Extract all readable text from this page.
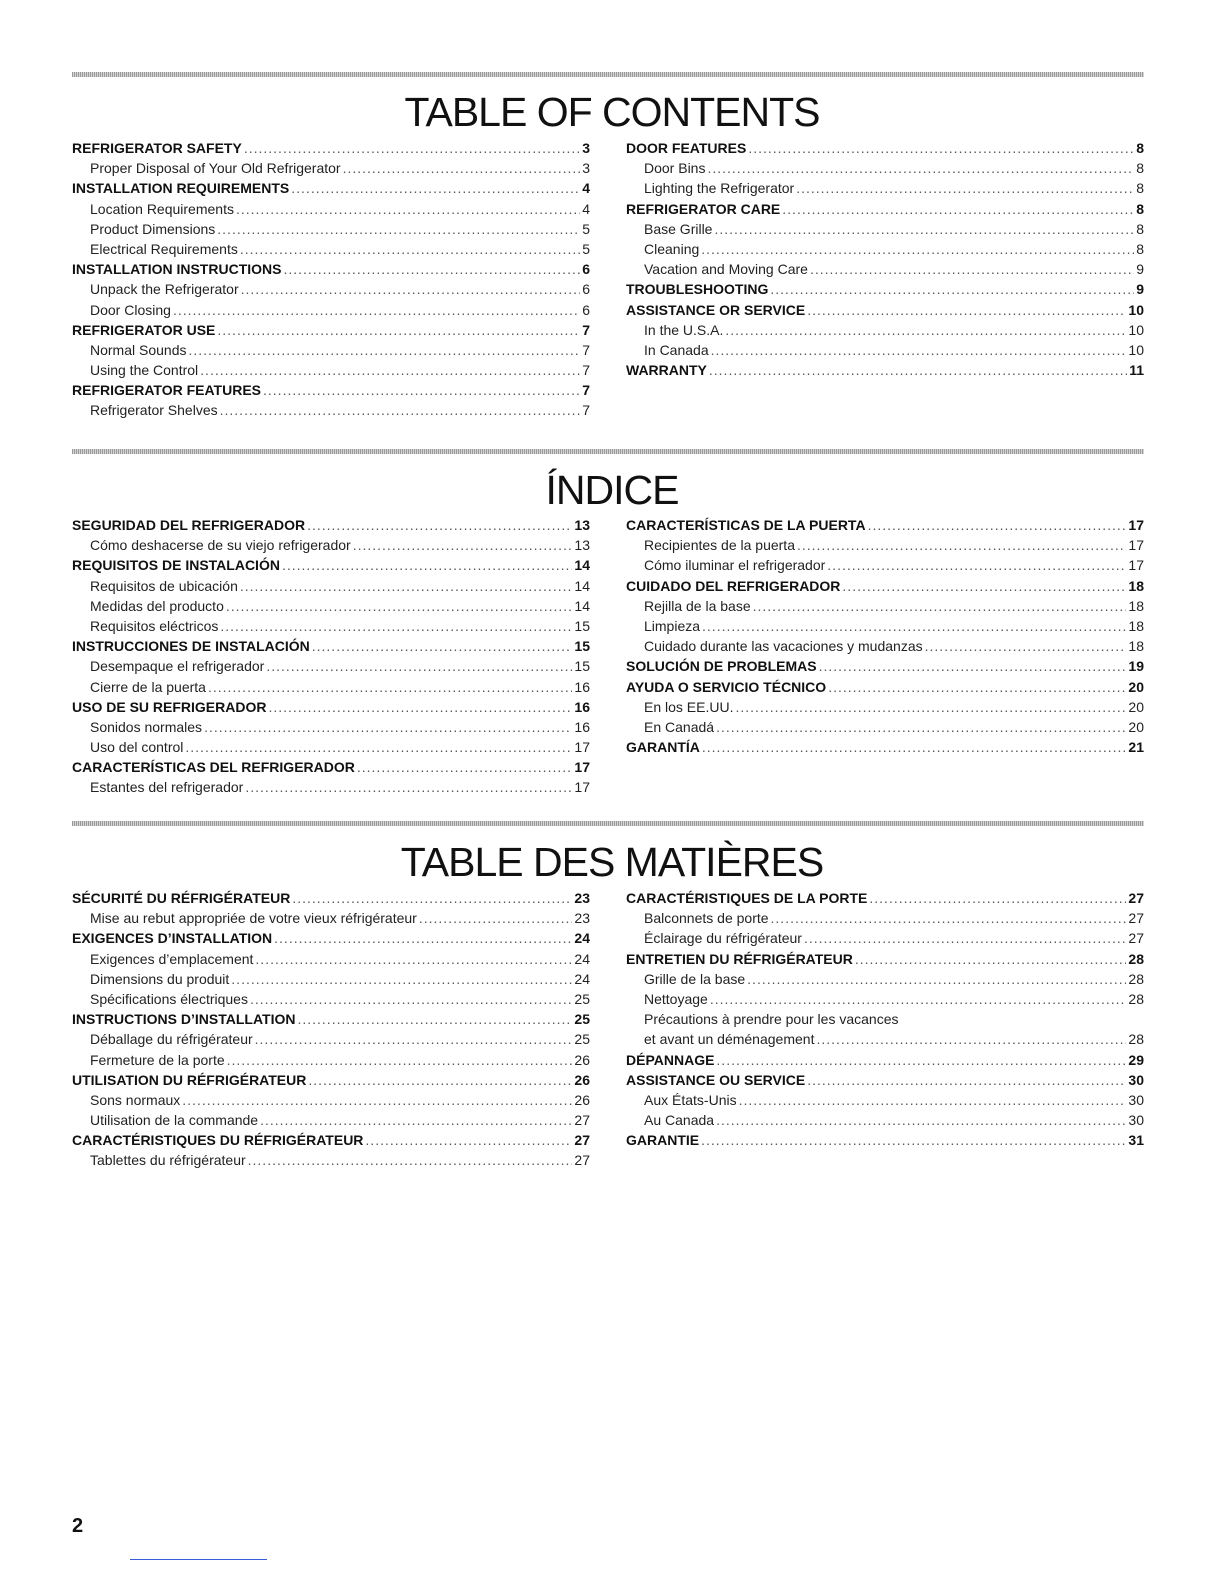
TABLE OF CONTENTS
REFRIGERATOR SAFETY .....	3
Proper Disposal of Your Old Refrigerator .....	3
INSTALLATION REQUIREMENTS .....	4
Location Requirements .....	4
Product Dimensions .....	5
Electrical Requirements .....	5
INSTALLATION INSTRUCTIONS .....	6
Unpack the Refrigerator .....	6
Door Closing .....	6
REFRIGERATOR USE .....	7
Normal Sounds .....	7
Using the Control .....	7
REFRIGERATOR FEATURES .....	7
Refrigerator Shelves .....	7
DOOR FEATURES .....	8
Door Bins .....	8
Lighting the Refrigerator .....	8
REFRIGERATOR CARE .....	8
Base Grille .....	8
Cleaning .....	8
Vacation and Moving Care .....	9
TROUBLESHOOTING .....	9
ASSISTANCE OR SERVICE .....	10
In the U.S.A. .....	10
In Canada .....	10
WARRANTY .....	11
ÍNDICE
SEGURIDAD DEL REFRIGERADOR .....	13
Cómo deshacerse de su viejo refrigerador .....	13
REQUISITOS DE INSTALACIÓN .....	14
Requisitos de ubicación .....	14
Medidas del producto .....	14
Requisitos eléctricos .....	15
INSTRUCCIONES DE INSTALACIÓN .....	15
Desempaque el refrigerador .....	15
Cierre de la puerta .....	16
USO DE SU REFRIGERADOR .....	16
Sonidos normales .....	16
Uso del control .....	17
CARACTERÍSTICAS DEL REFRIGERADOR .....	17
Estantes del refrigerador .....	17
CARACTERÍSTICAS DE LA PUERTA .....	17
Recipientes de la puerta .....	17
Cómo iluminar el refrigerador .....	17
CUIDADO DEL REFRIGERADOR .....	18
Rejilla de la base .....	18
Limpieza .....	18
Cuidado durante las vacaciones y mudanzas .....	18
SOLUCIÓN DE PROBLEMAS .....	19
AYUDA O SERVICIO TÉCNICO .....	20
En los EE.UU. .....	20
En Canadá .....	20
GARANTÍA .....	21
TABLE DES MATIÈRES
SÉCURITÉ DU RÉFRIGÉRATEUR .....	23
Mise au rebut appropriée de votre vieux réfrigérateur .....	23
EXIGENCES D’INSTALLATION .....	24
Exigences d’emplacement .....	24
Dimensions du produit .....	24
Spécifications électriques .....	25
INSTRUCTIONS D’INSTALLATION .....	25
Déballage du réfrigérateur .....	25
Fermeture de la porte .....	26
UTILISATION DU RÉFRIGÉRATEUR .....	26
Sons normaux .....	26
Utilisation de la commande .....	27
CARACTÉRISTIQUES DU RÉFRIGÉRATEUR .....	27
Tablettes du réfrigérateur .....	27
CARACTÉRISTIQUES DE LA PORTE .....	27
Balconnets de porte .....	27
Éclairage du réfrigérateur .....	27
ENTRETIEN DU RÉFRIGÉRATEUR .....	28
Grille de la base .....	28
Nettoyage .....	28
Précautions à prendre pour les vacances
et avant un déménagement .....	28
DÉPANNAGE .....	29
ASSISTANCE OU SERVICE .....	30
Aux États-Unis .....	30
Au Canada .....	30
GARANTIE .....	31
2
